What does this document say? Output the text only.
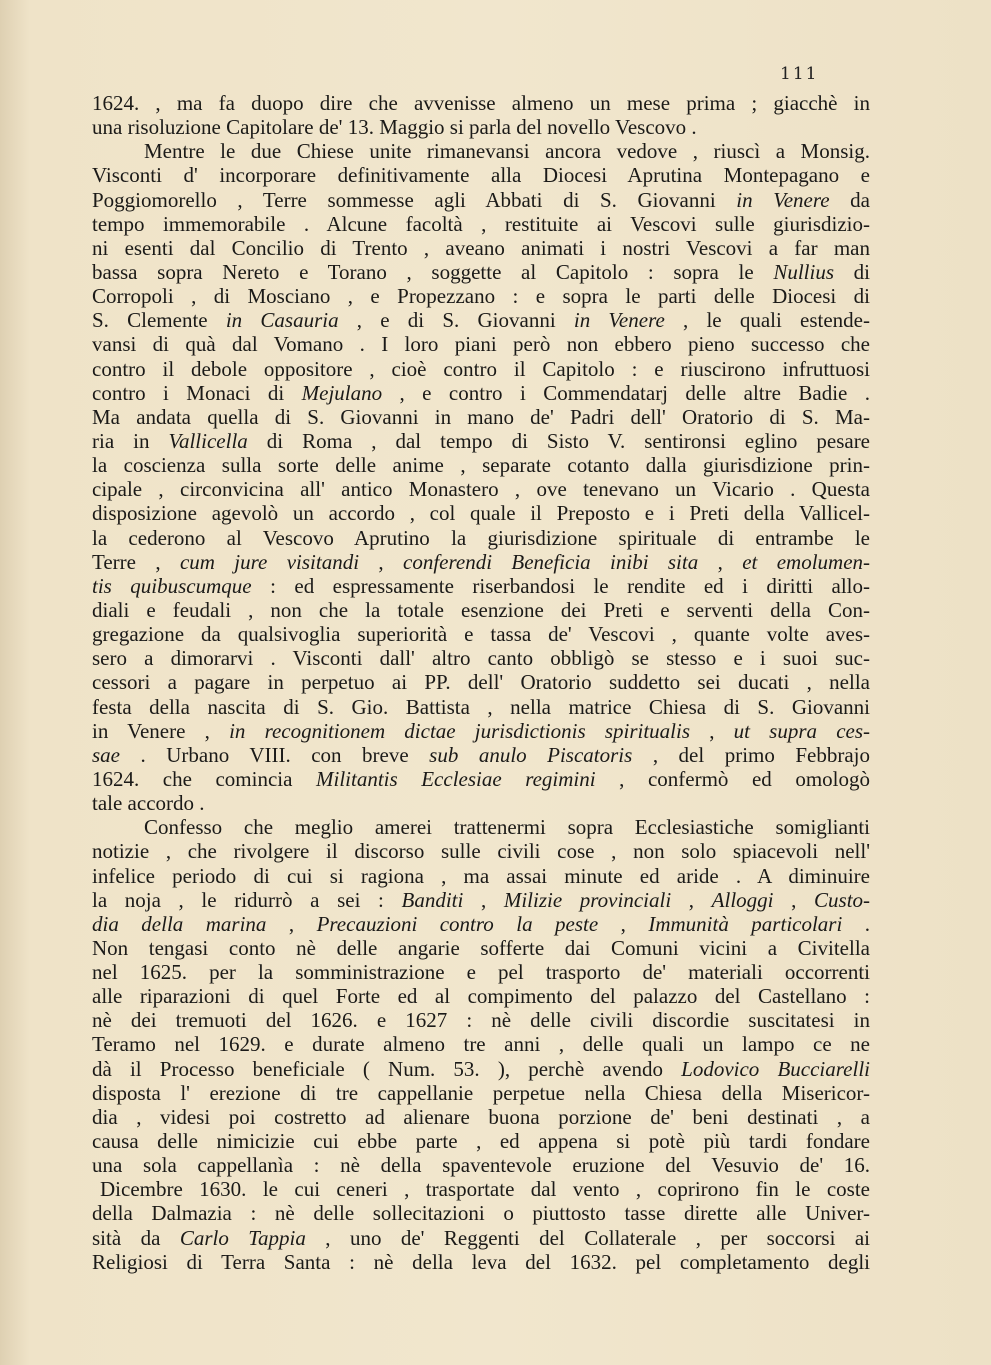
111
1624. , ma fa duopo dire che avvenisse almeno un mese prima ; giacchè in
una risoluzione Capitolare de' 13. Maggio si parla del novello Vescovo .
Mentre le due Chiese unite rimanevansi ancora vedove , riuscì a Monsig.
Visconti d' incorporare definitivamente alla Diocesi Aprutina Montepagano e
Poggiomorello , Terre sommesse agli Abbati di S. Giovanni in Venere da
tempo immemorabile . Alcune facoltà , restituite ai Vescovi sulle giurisdizio-
ni esenti dal Concilio di Trento , aveano animati i nostri Vescovi a far man
bassa sopra Nereto e Torano , soggette al Capitolo : sopra le Nullius di
Corropoli , di Mosciano , e Propezzano : e sopra le parti delle Diocesi di
S. Clemente in Casauria , e di S. Giovanni in Venere , le quali estende-
vansi di quà dal Vomano . I loro piani però non ebbero pieno successo che
contro il debole oppositore , cioè contro il Capitolo : e riuscirono infruttuosi
contro i Monaci di Mejulano , e contro i Commendatarj delle altre Badie .
Ma andata quella di S. Giovanni in mano de' Padri dell' Oratorio di S. Ma-
ria in Vallicella di Roma , dal tempo di Sisto V. sentironsi eglino pesare
la coscienza sulla sorte delle anime , separate cotanto dalla giurisdizione prin-
cipale , circonvicina all' antico Monastero , ove tenevano un Vicario . Questa
disposizione agevolò un accordo , col quale il Preposto e i Preti della Vallicel-
la cederono al Vescovo Aprutino la giurisdizione spirituale di entrambe le
Terre , cum jure visitandi , conferendi Beneficia inibi sita , et emolumen-
tis quibuscumque : ed espressamente riserbandosi le rendite ed i diritti allo-
diali e feudali , non che la totale esenzione dei Preti e serventi della Con-
gregazione da qualsivoglia superiorità e tassa de' Vescovi , quante volte aves-
sero a dimorarvi . Visconti dall' altro canto obbligò se stesso e i suoi suc-
cessori a pagare in perpetuo ai PP. dell' Oratorio suddetto sei ducati , nella
festa della nascita di S. Gio. Battista , nella matrice Chiesa di S. Giovanni
in Venere , in recognitionem dictae jurisdictionis spiritualis , ut supra ces-
sae . Urbano VIII. con breve sub anulo Piscatoris , del primo Febbrajo
1624. che comincia Militantis Ecclesiae regimini , confermò ed omologò
tale accordo .
Confesso che meglio amerei trattenermi sopra Ecclesiastiche somiglianti
notizie , che rivolgere il discorso sulle civili cose , non solo spiacevoli nell'
infelice periodo di cui si ragiona , ma assai minute ed aride . A diminuire
la noja , le ridurrò a sei : Banditi , Milizie provinciali , Alloggi , Custo-
dia della marina , Precauzioni contro la peste , Immunità particolari .
Non tengasi conto nè delle angarie sofferte dai Comuni vicini a Civitella
nel 1625. per la somministrazione e pel trasporto de' materiali occorrenti
alle riparazioni di quel Forte ed al compimento del palazzo del Castellano :
nè dei tremuoti del 1626. e 1627 : nè delle civili discordie suscitatesi in
Teramo nel 1629. e durate almeno tre anni , delle quali un lampo ce ne
dà il Processo beneficiale ( Num. 53. ), perchè avendo Lodovico Bucciarelli
disposta l' erezione di tre cappellanie perpetue nella Chiesa della Misericor-
dia , videsi poi costretto ad alienare buona porzione de' beni destinati , a
causa delle nimicizie cui ebbe parte , ed appena si potè più tardi fondare
una sola cappellanìa : nè della spaventevole eruzione del Vesuvio de' 16.
Dicembre 1630. le cui ceneri , trasportate dal vento , coprirono fin le coste
della Dalmazia : nè delle sollecitazioni o piuttosto tasse dirette alle Univer-
sità da Carlo Tappia , uno de' Reggenti del Collaterale , per soccorsi ai
Religiosi di Terra Santa : nè della leva del 1632. pel completamento degli
